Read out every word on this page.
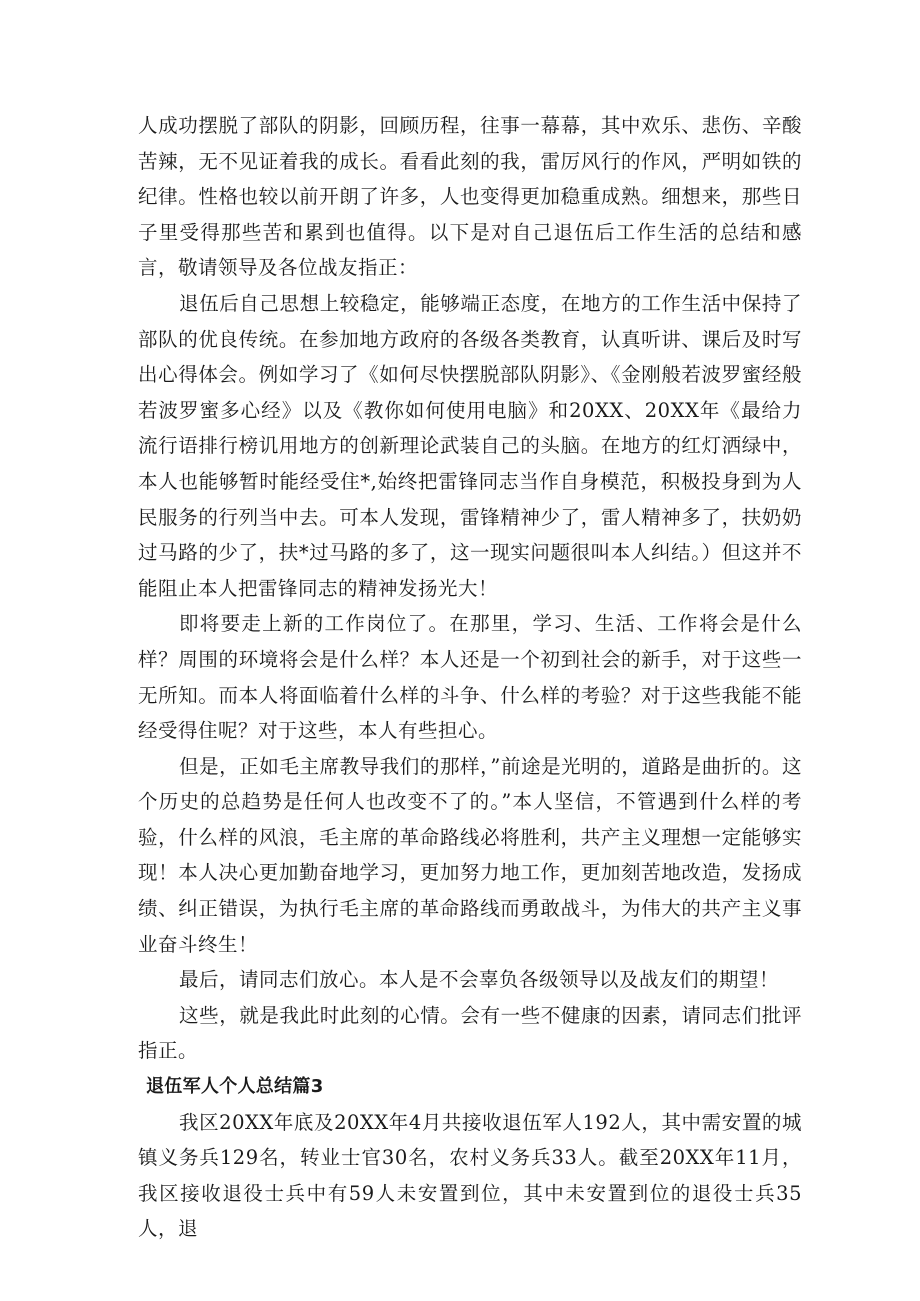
人成功摆脱了部队的阴影，回顾历程，往事一幕幕，其中欢乐、悲伤、辛酸苦辣，无不见证着我的成长。看看此刻的我，雷厉风行的作风，严明如铁的纪律。性格也较以前开朗了许多，人也变得更加稳重成熟。细想来，那些日子里受得那些苦和累到也值得。以下是对自己退伍后工作生活的总结和感言，敬请领导及各位战友指正：

退伍后自己思想上较稳定，能够端正态度，在地方的工作生活中保持了部队的优良传统。在参加地方政府的各级各类教育，认真听讲、课后及时写出心得体会。例如学习了《如何尽快摆脱部队阴影》、《金刚般若波罗蜜经般若波罗蜜多心经》以及《教你如何使用电脑》和20XX、20XX年《最给力流行语排行榜讥用地方的创新理论武装自己的头脑。在地方的红灯洒绿中，本人也能够暂时能经受住*,始终把雷锋同志当作自身模范，积极投身到为人民服务的行列当中去。可本人发现，雷锋精神少了，雷人精神多了，扶奶奶过马路的少了，扶*过马路的多了，这一现实问题很叫本人纠结。）但这并不能阻止本人把雷锋同志的精神发扬光大！

即将要走上新的工作岗位了。在那里，学习、生活、工作将会是什么样？周围的环境将会是什么样？本人还是一个初到社会的新手，对于这些一无所知。而本人将面临着什么样的斗争、什么样的考验？对于这些我能不能经受得住呢？对于这些，本人有些担心。

但是，正如毛主席教导我们的那样，”前途是光明的，道路是曲折的。这个历史的总趋势是任何人也改变不了的。”本人坚信，不管遇到什么样的考验，什么样的风浪，毛主席的革命路线必将胜利，共产主义理想一定能够实现！本人决心更加勤奋地学习，更加努力地工作，更加刻苦地改造，发扬成绩、纠正错误，为执行毛主席的革命路线而勇敢战斗，为伟大的共产主义事业奋斗终生！

最后，请同志们放心。本人是不会辜负各级领导以及战友们的期望！

这些，就是我此时此刻的心情。会有一些不健康的因素，请同志们批评指正。

退伍军人个人总结篇3

我区20XX年底及20XX年4月共接收退伍军人192人，其中需安置的城镇义务兵129名，转业士官30名，农村义务兵33人。截至20XX年11月，我区接收退役士兵中有59人未安置到位，其中未安置到位的退役士兵35人，退
